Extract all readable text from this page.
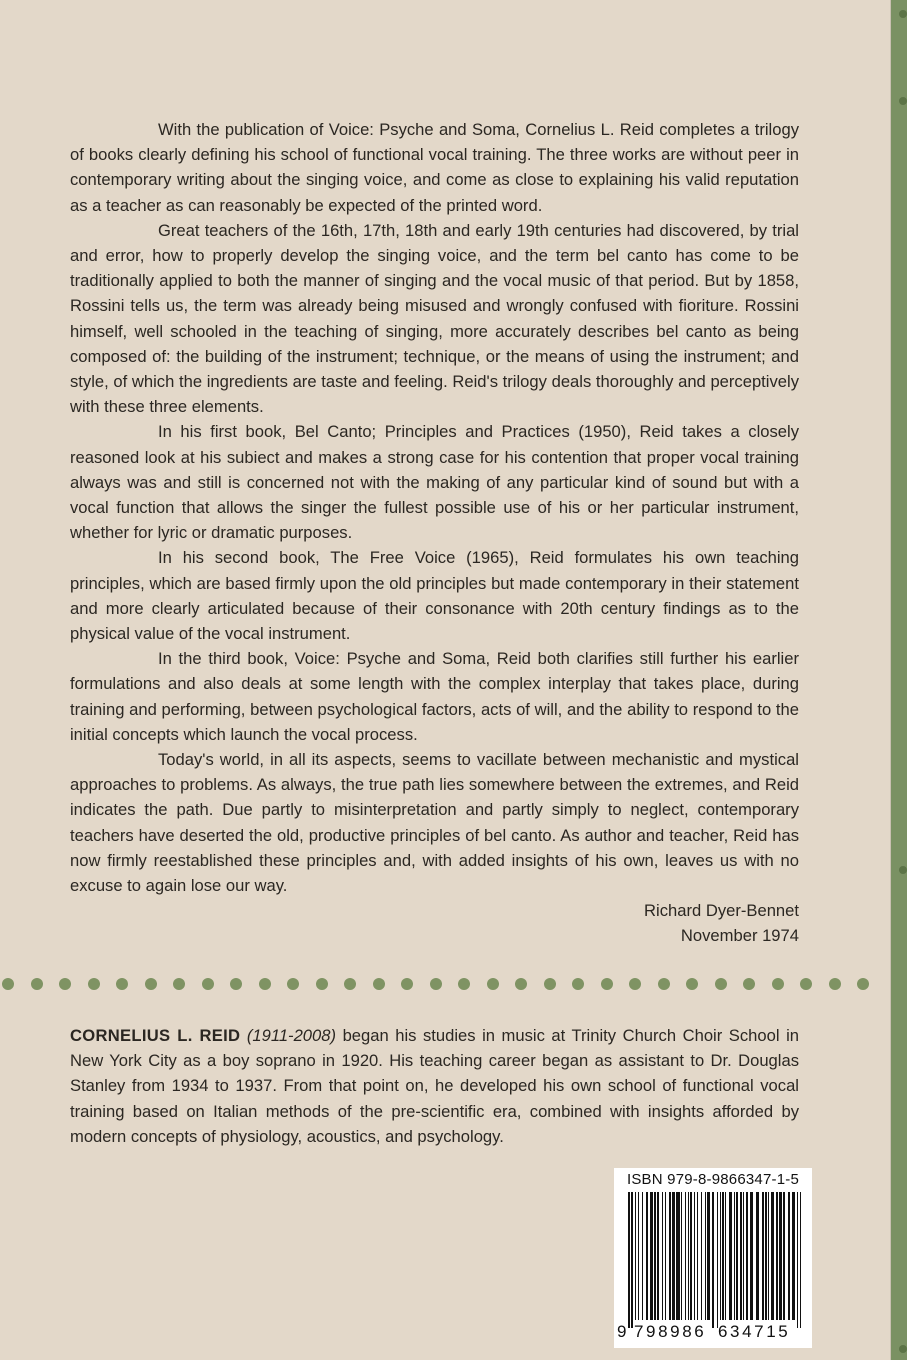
With the publication of Voice: Psyche and Soma, Cornelius L. Reid completes a trilogy of books clearly defining his school of functional vocal training. The three works are without peer in contemporary writing about the singing voice, and come as close to explaining his valid reputation as a teacher as can reasonably be expected of the printed word.

Great teachers of the 16th, 17th, 18th and early 19th centuries had discovered, by trial and error, how to properly develop the singing voice, and the term bel canto has come to be traditionally applied to both the manner of singing and the vocal music of that period. But by 1858, Rossini tells us, the term was already being misused and wrongly confused with fioriture. Rossini himself, well schooled in the teaching of singing, more accurately describes bel canto as being composed of: the building of the instrument; technique, or the means of using the instrument; and style, of which the ingredients are taste and feeling. Reid's trilogy deals thoroughly and perceptively with these three elements.

In his first book, Bel Canto; Principles and Practices (1950), Reid takes a closely reasoned look at his subiect and makes a strong case for his contention that proper vocal training always was and still is concerned not with the making of any particular kind of sound but with a vocal function that allows the singer the fullest possible use of his or her particular instrument, whether for lyric or dramatic purposes.

In his second book, The Free Voice (1965), Reid formulates his own teaching principles, which are based firmly upon the old principles but made contemporary in their statement and more clearly articulated because of their consonance with 20th century findings as to the physical value of the vocal instrument.

In the third book, Voice: Psyche and Soma, Reid both clarifies still further his earlier formulations and also deals at some length with the complex interplay that takes place, during training and performing, between psychological factors, acts of will, and the ability to respond to the initial concepts which launch the vocal process.

Today's world, in all its aspects, seems to vacillate between mechanistic and mystical approaches to problems. As always, the true path lies somewhere between the extremes, and Reid indicates the path. Due partly to misinterpretation and partly simply to neglect, contemporary teachers have deserted the old, productive principles of bel canto. As author and teacher, Reid has now firmly reestablished these principles and, with added insights of his own, leaves us with no excuse to again lose our way.

Richard Dyer-Bennet
November 1974
CORNELIUS L. REID (1911-2008) began his studies in music at Trinity Church Choir School in New York City as a boy soprano in 1920. His teaching career began as assistant to Dr. Douglas Stanley from 1934 to 1937. From that point on, he developed his own school of functional vocal training based on Italian methods of the pre-scientific era, combined with insights afforded by modern concepts of physiology, acoustics, and psychology.
ISBN 979-8-9866347-1-5
9 798986 634715
